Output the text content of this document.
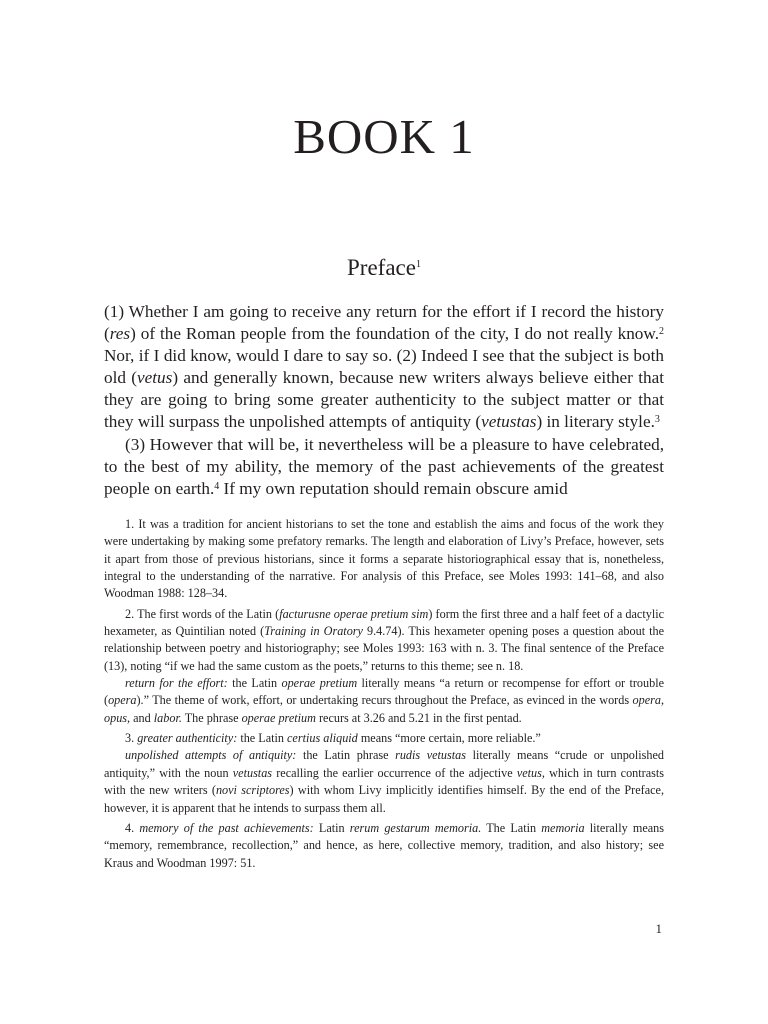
BOOK 1
Preface$^1$

(1) Whether I am going to receive any return for the effort if I record the history (res) of the Roman people from the foundation of the city, I do not really know.$^2$ Nor, if I did know, would I dare to say so. (2) Indeed I see that the subject is both old (vetus) and generally known, because new writers always believe either that they are going to bring some greater authenticity to the subject matter or that they will surpass the unpolished attempts of antiquity (vetustas) in literary style.$^3$

(3) However that will be, it nevertheless will be a pleasure to have celebrated, to the best of my ability, the memory of the past achievements of the greatest people on earth.$^4$ If my own reputation should remain obscure amid

1. It was a tradition for ancient historians to set the tone and establish the aims and focus of the work they were undertaking by making some prefatory remarks. The length and elaboration of Livy’s Preface, however, sets it apart from those of previous historians, since it forms a separate historiographical essay that is, nonetheless, integral to the understanding of the narrative. For analysis of this Preface, see Moles 1993: 141–68, and also Woodman 1988: 128–34.

2. The first words of the Latin (facturusne operae pretium sim) form the first three and a half feet of a dactylic hexameter, as Quintilian noted (Training in Oratory 9.4.74). This hexameter opening poses a question about the relationship between poetry and historiography; see Moles 1993: 163 with n. 3. The final sentence of the Preface (13), noting “if we had the same custom as the poets,” returns to this theme; see n. 18.

return for the effort: the Latin operae pretium literally means “a return or recompense for effort or trouble (opera).” The theme of work, effort, or undertaking recurs throughout the Preface, as evinced in the words opera, opus, and labor. The phrase operae pretium recurs at 3.26 and 5.21 in the first pentad.

3. greater authenticity: the Latin certius aliquid means “more certain, more reliable.”

unpolished attempts of antiquity: the Latin phrase rudis vetustas literally means “crude or unpolished antiquity,” with the noun vetustas recalling the earlier occurrence of the adjective vetus, which in turn contrasts with the new writers (novi scriptores) with whom Livy implicitly identifies himself. By the end of the Preface, however, it is apparent that he intends to surpass them all.

4. memory of the past achievements: Latin rerum gestarum memoria. The Latin memoria literally means “memory, remembrance, recollection,” and hence, as here, collective memory, tradition, and also history; see Kraus and Woodman 1997: 51.

1
